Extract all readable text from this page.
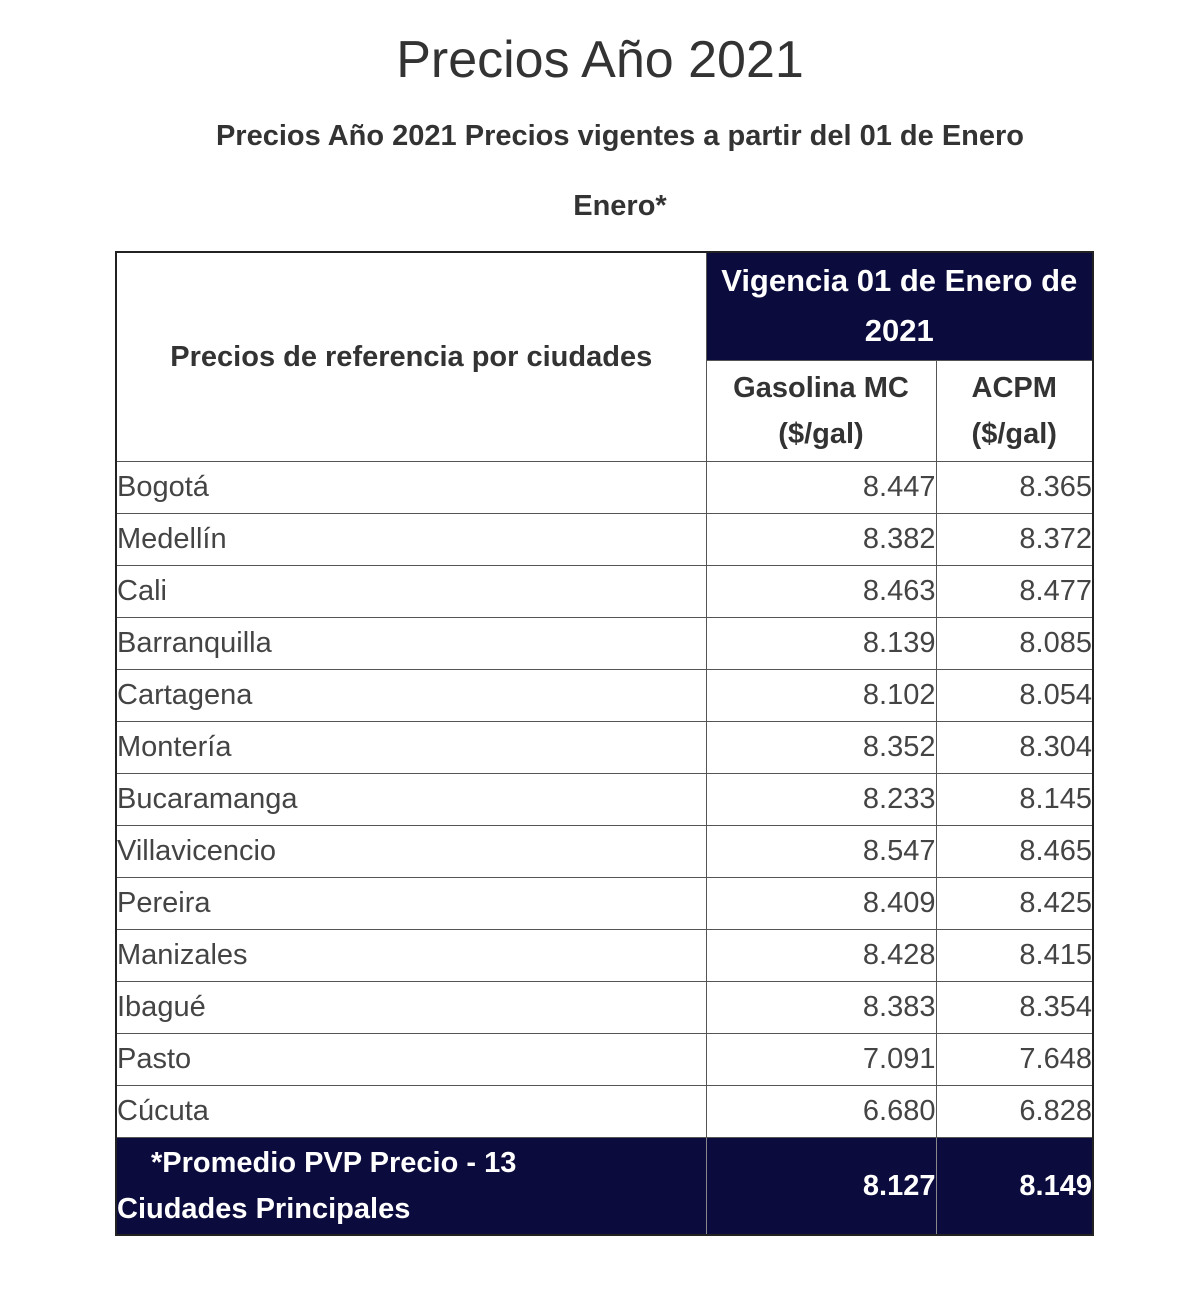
Precios Año 2021
Precios Año 2021 Precios vigentes a partir del 01 de Enero
Enero*
Precios de referencia por ciudades	Vigencia 01 de Enero de 2021	
	Gasolina MC ($/gal)	ACPM ($/gal)
Bogotá	8.447	8.365
Medellín	8.382	8.372
Cali	8.463	8.477
Barranquilla	8.139	8.085
Cartagena	8.102	8.054
Montería	8.352	8.304
Bucaramanga	8.233	8.145
Villavicencio	8.547	8.465
Pereira	8.409	8.425
Manizales	8.428	8.415
Ibagué	8.383	8.354
Pasto	7.091	7.648
Cúcuta	6.680	6.828

*Promedio PVP Precio - 13
Ciudades Principales	8.127	8.149
